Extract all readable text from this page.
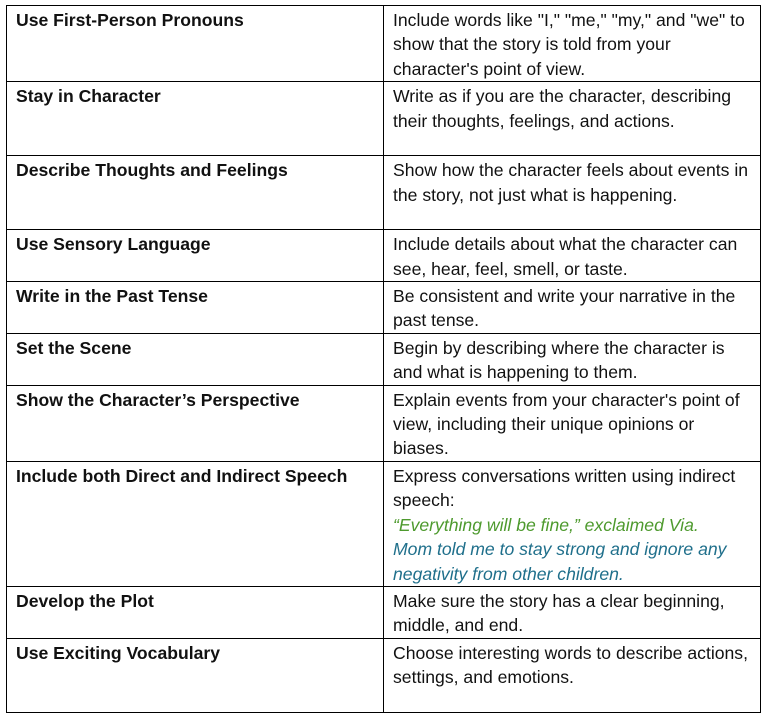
Use First-Person Pronouns	Include words like "I," "me," "my," and "we" to show that the story is told from your character's point of view.
Stay in Character	Write as if you are the character, describing their thoughts, feelings, and actions.
Describe Thoughts and Feelings	Show how the character feels about events in the story, not just what is happening.
Use Sensory Language	Include details about what the character can see, hear, feel, smell, or taste.
Write in the Past Tense	Be consistent and write your narrative in the past tense.
Set the Scene	Begin by describing where the character is and what is happening to them.
Show the Character’s Perspective	Explain events from your character's point of view, including their unique opinions or biases.
Include both Direct and Indirect Speech	Express conversations written using indirect speech:
“Everything will be fine,” exclaimed Via.
Mom told me to stay strong and ignore any negativity from other children.

Develop the Plot	Make sure the story has a clear beginning, middle, and end.
Use Exciting Vocabulary	Choose interesting words to describe actions, settings, and emotions.
